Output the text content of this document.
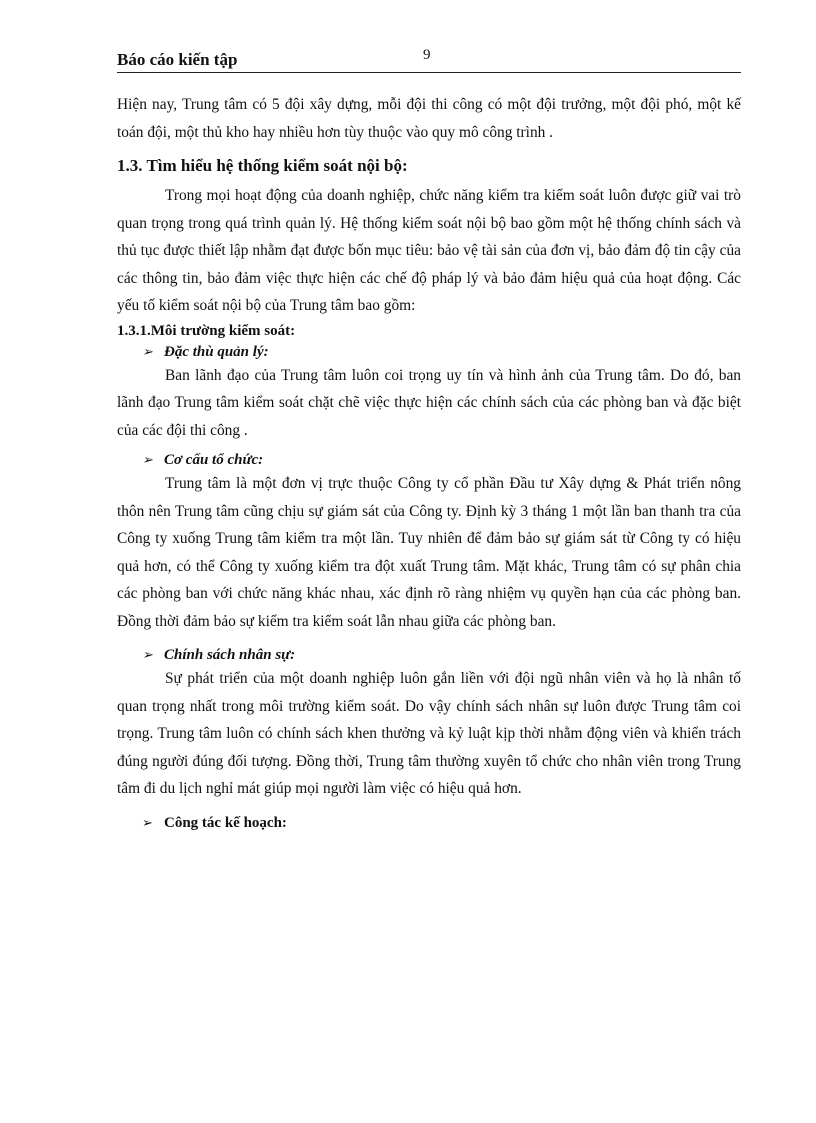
Báo cáo kiến tập	9

Hiện nay, Trung tâm có 5 đội xây dựng, mỗi đội thi công có một đội trưởng, một đội phó, một kế toán đội, một thủ kho hay nhiều hơn tùy thuộc vào quy mô công trình .

1.3. Tìm hiểu hệ thống kiểm soát nội bộ:

Trong mọi hoạt động của doanh nghiệp, chức năng kiểm tra kiểm soát luôn được giữ vai trò quan trọng trong quá trình quản lý. Hệ thống kiểm soát nội bộ bao gồm một hệ thống chính sách và thủ tục được thiết lập nhằm đạt được bốn mục tiêu: bảo vệ tài sản của đơn vị, bảo đảm độ tin cậy của các thông tin, bảo đảm việc thực hiện các chế độ pháp lý và bảo đảm hiệu quả của hoạt động. Các yếu tố kiểm soát nội bộ của Trung tâm bao gồm:

1.3.1.Môi trường kiểm soát:
➢ Đặc thù quản lý:

Ban lãnh đạo của Trung tâm luôn coi trọng uy tín và hình ảnh của Trung tâm. Do đó, ban lãnh đạo Trung tâm kiểm soát chặt chẽ việc thực hiện các chính sách của các phòng ban và đặc biệt của các đội thi công .

➢ Cơ cấu tổ chức:

Trung tâm là một đơn vị trực thuộc Công ty cổ phần Đầu tư Xây dựng & Phát triển nông thôn nên Trung tâm cũng chịu sự giám sát của Công ty. Định kỳ 3 tháng 1 một lần ban thanh tra của Công ty xuống Trung tâm kiểm tra một lần. Tuy nhiên để đảm bảo sự giám sát từ Công ty có hiệu quả hơn, có thể Công ty xuống kiểm tra đột xuất Trung tâm. Mặt khác, Trung tâm có sự phân chia các phòng ban với chức năng khác nhau, xác định rõ ràng nhiệm vụ quyền hạn của các phòng ban. Đồng thời đảm bảo sự kiểm tra kiểm soát lẫn nhau giữa các phòng ban.

➢ Chính sách nhân sự:

Sự phát triển của một doanh nghiệp luôn gắn liền với đội ngũ nhân viên và họ là nhân tố quan trọng nhất trong môi trường kiểm soát. Do vậy chính sách nhân sự luôn được Trung tâm coi trọng. Trung tâm luôn có chính sách khen thưởng và kỷ luật kịp thời nhằm động viên và khiển trách đúng người đúng đối tượng. Đồng thời, Trung tâm thường xuyên tổ chức cho nhân viên trong Trung tâm đi du lịch nghỉ mát giúp mọi người làm việc có hiệu quả hơn.

➢ Công tác kế hoạch:
